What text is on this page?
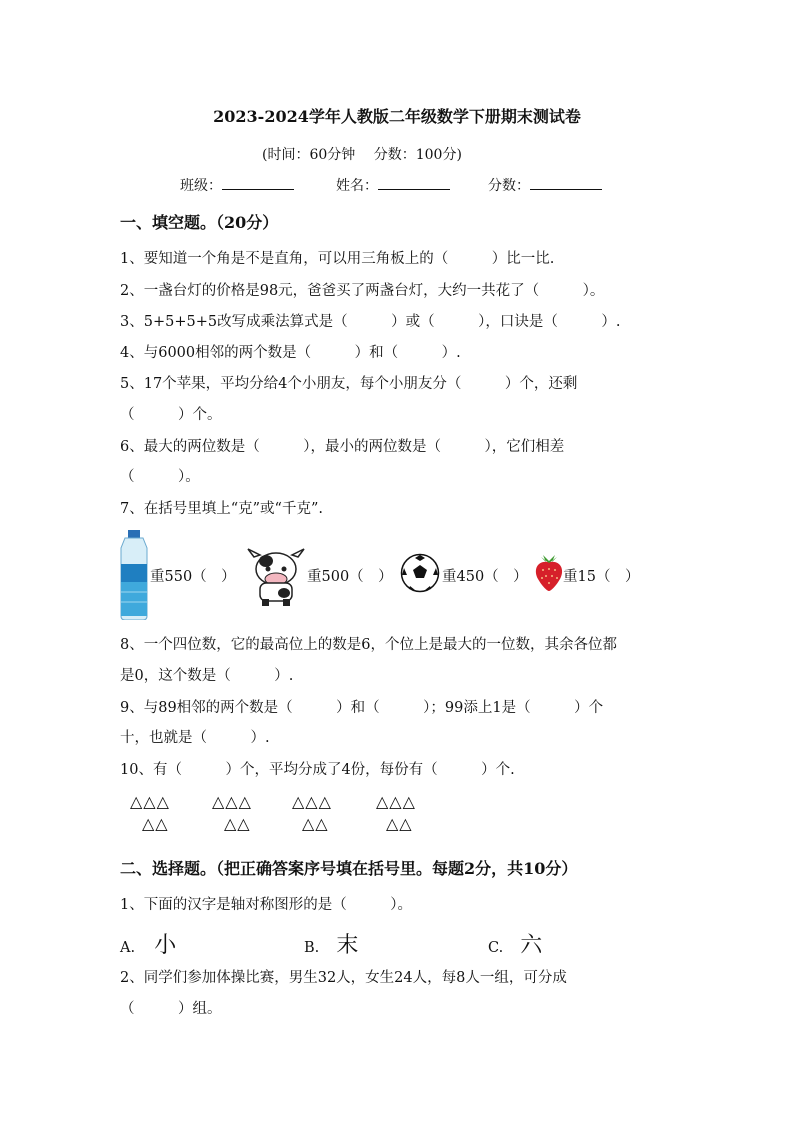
2023-2024学年人教版二年级数学下册期末测试卷
(时间：60分钟　 分数：100分)
班级：	姓名：	分数：
一、填空题。（20分）
1、要知道一个角是不是直角，可以用三角板上的（　　　）比一比.
2、一盏台灯的价格是98元，爸爸买了两盏台灯，大约一共花了（　　　）。
3、5+5+5+5改写成乘法算式是（　　　）或（　　　），口诀是（　　　）.
4、与6000相邻的两个数是（　　　）和（　　　）.
5、17个苹果，平均分给4个小朋友，每个小朋友分（　　　）个，还剩
（　　　）个。
6、最大的两位数是（　　　），最小的两位数是（　　　），它们相差
（　　　）。
7、在括号里填上“克”或“千克”.
重550（　）	重500（　）	重450（　） 重15（　）
8、一个四位数，它的最高位上的数是6，个位上是最大的一位数，其余各位都
是0，这个数是（　　　）.
9、与89相邻的两个数是（　　　）和（　　　）；99添上1是（　　　）个
十，也就是（　　　）.
10、有（　　　）个，平均分成了4份，每份有（　　　）个.
△△△
△△
△△△
△△
△△△
△△
△△△
△△
二、选择题。（把正确答案序号填在括号里。每题2分，共10分）
1、下面的汉字是轴对称图形的是（　　　）。
A. 小	B. 末	C. 六
2、同学们参加体操比赛，男生32人，女生24人，每8人一组，可分成
（　　　）组。
